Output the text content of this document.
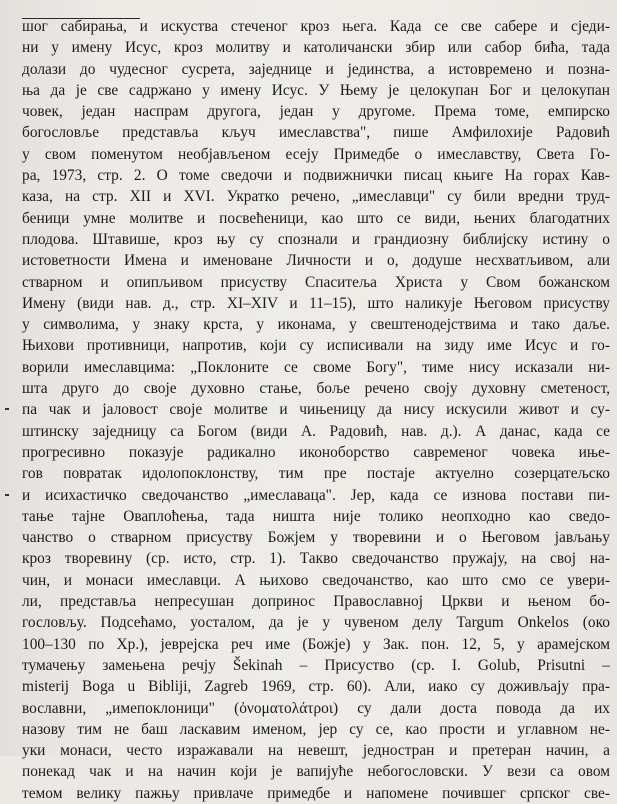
шог сабирања, и искуства стеченог кроз њега. Када се све сабере и сједи-
ни у имену Исус, кроз молитву и католичански збир или сабор бића, тада
долази до чудесног сусрета, заједнице и јединства, а истовремено и позна-
ња да је све садржано у имену Исус. У Њему је целокупан Бог и целокупан
човек, један наспрам другога, један у другоме. Према томе, емпирско
богословље представља кључ имеславства", пише Амфилохије Радовић
у свом поменутом необјављеном есеју Примедбе о имеславству, Света Го-
ра, 1973, стр. 2. О томе сведочи и подвижнички писац књиге На горах Кав-
каза, на стр. XII и XVI. Укратко речено, „имеславци" су били вредни труд-
беници умне молитве и посвећеници, као што се види, њених благодатних
плодова. Штавише, кроз њу су спознали и грандиозну библијску истину о
истоветности Имена и именоване Личности и о, додуше несхватљивом, али
стварном и опипљивом присуству Спаситеља Христа у Свом божанском
Имену (види нав. д., стр. XI–XIV и 11–15), што наликује Његовом присуству
у символима, у знаку крста, у иконама, у свештенодејствима и тако даље.
Њихови противници, напротив, који су исписивали на зиду име Исус и го-
ворили имеславцима: „Поклоните се своме Богу", тиме нису исказали ни-
шта друго до своје духовно стање, боље речено своју духовну сметеност,
па чак и јаловост своје молитве и чињеницу да нису искусили живот и су-
штинску заједницу са Богом (види А. Радовић, нав. д.). А данас, када се
прогресивно показује радикално иконоборство савременог човека иње-
гов повратак идолопоклонству, тим пре постаје актуелно созерцатељско
и исихастичко сведочанство „имеславаца". Јер, када се изнова постави пи-
тање тајне Оваплоћења, тада ништа није толико неопходно као сведо-
чанство о стварном присуству Божјем у творевини и о Његовом јављању
кроз творевину (ср. исто, стр. 1). Такво сведочанство пружају, на свој на-
чин, и монаси имеславци. А њихово сведочанство, као што смо се увери-
ли, представља непресушан допринос Православној Цркви и њеном бо-
гословљу. Подсећамо, уосталом, да је у чувеном делу Targum Onkelos (око
100–130 по Хр.), јеврејска реч име (Божје) у Зак. пон. 12, 5, у арамејском
тумачењу замењена речју Šekinah – Присуство (ср. I. Golub, Prisutni –
misterij Boga u Bibliji, Zagreb 1969, стр. 60). Али, иако су доживљају пра-
вославни, „имепоклоници" (ὀνοματολάτροι) су дали доста повода да их
назову тим не баш ласкавим именом, јер су се, као прости и углавном не-
уки монаси, често изражавали на невешт, једностран и претеран начин, а
понекад чак и на начин који је вапијуће небогословски. У вези са овом
темом велику пажњу привлаче примедбе и напомене почившег српског све-
